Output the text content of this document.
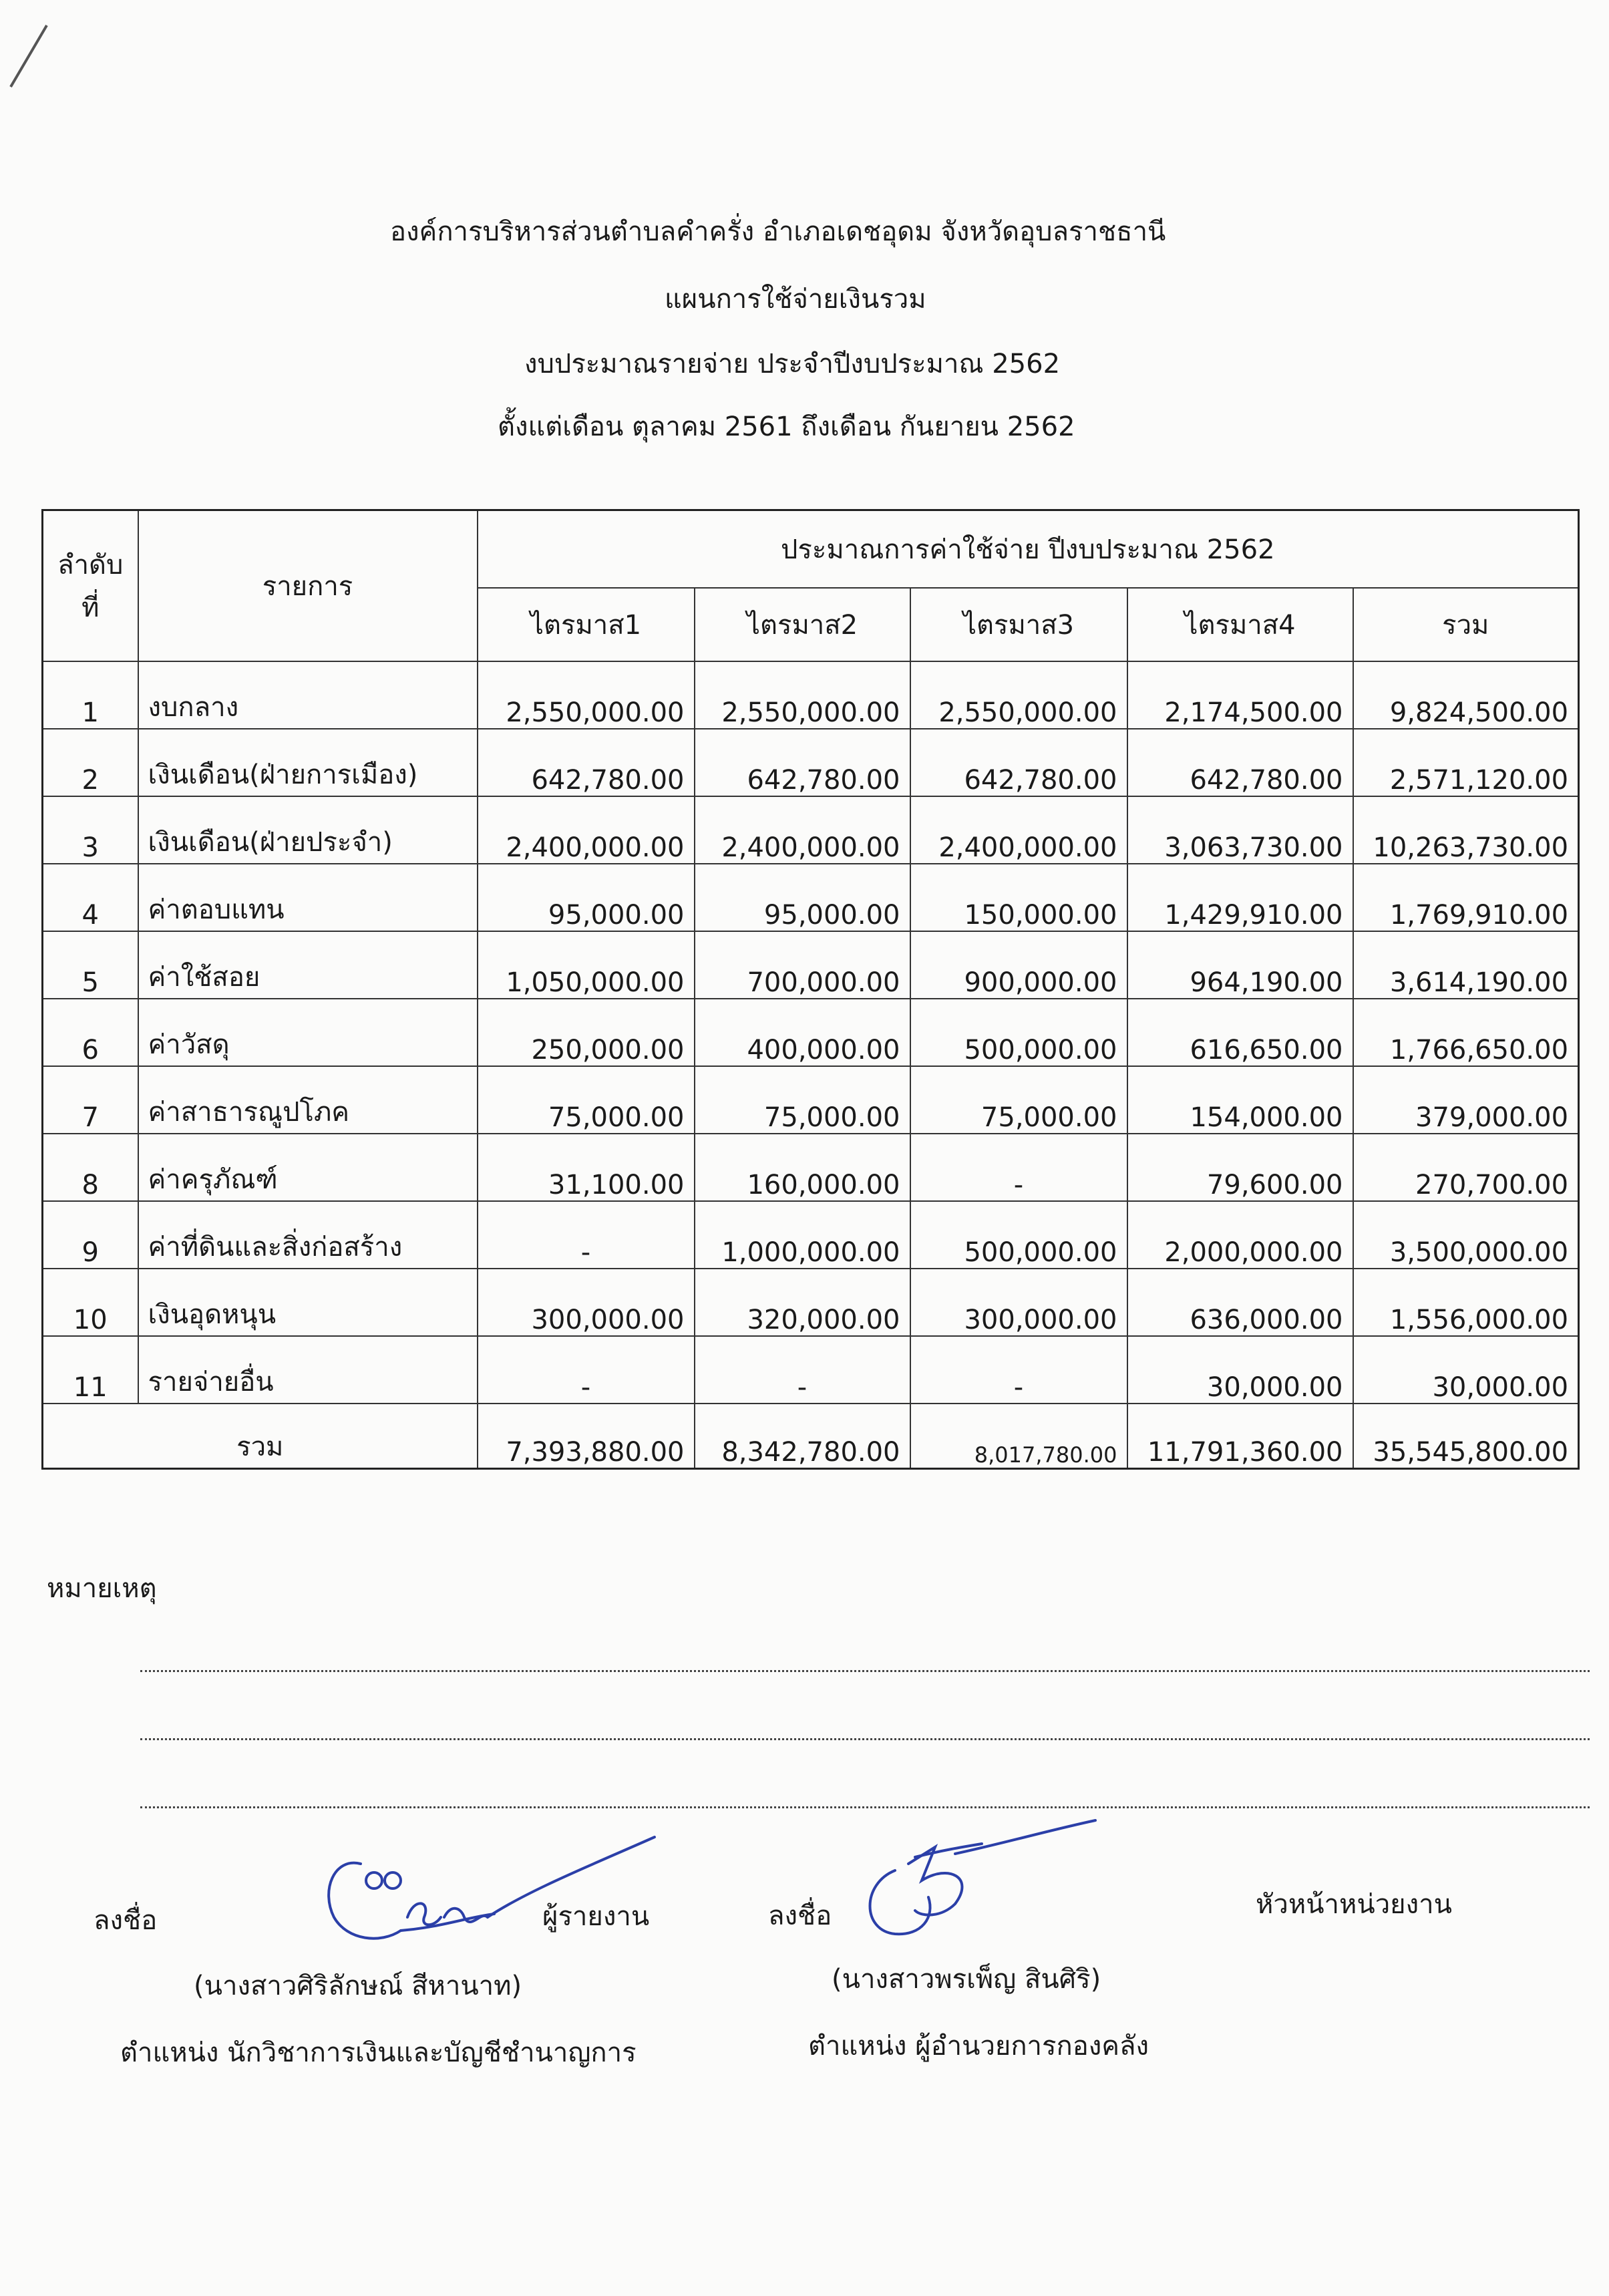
องค์การบริหารส่วนตำบลคำครั่ง อำเภอเดชอุดม จังหวัดอุบลราชธานี
แผนการใช้จ่ายเงินรวม
งบประมาณรายจ่าย ประจำปีงบประมาณ 2562
ตั้งแต่เดือน ตุลาคม 2561 ถึงเดือน กันยายน 2562
ลำดับที่	รายการ	ประมาณการค่าใช้จ่าย ปีงบประมาณ 2562				
		ไตรมาส1	ไตรมาส2	ไตรมาส3	ไตรมาส4	รวม
1	งบกลาง	2,550,000.00	2,550,000.00	2,550,000.00	2,174,500.00	9,824,500.00
2	เงินเดือน(ฝ่ายการเมือง)	642,780.00	642,780.00	642,780.00	642,780.00	2,571,120.00
3	เงินเดือน(ฝ่ายประจำ)	2,400,000.00	2,400,000.00	2,400,000.00	3,063,730.00	10,263,730.00
4	ค่าตอบแทน	95,000.00	95,000.00	150,000.00	1,429,910.00	1,769,910.00
5	ค่าใช้สอย	1,050,000.00	700,000.00	900,000.00	964,190.00	3,614,190.00
6	ค่าวัสดุ	250,000.00	400,000.00	500,000.00	616,650.00	1,766,650.00
7	ค่าสาธารณูปโภค	75,000.00	75,000.00	75,000.00	154,000.00	379,000.00
8	ค่าครุภัณฑ์	31,100.00	160,000.00	-	79,600.00	270,700.00
9	ค่าที่ดินและสิ่งก่อสร้าง	-	1,000,000.00	500,000.00	2,000,000.00	3,500,000.00
10	เงินอุดหนุน	300,000.00	320,000.00	300,000.00	636,000.00	1,556,000.00
11	รายจ่ายอื่น	-	-	-	30,000.00	30,000.00
รวม		7,393,880.00	8,342,780.00	8,017,780.00	11,791,360.00	35,545,800.00
หมายเหตุ
ลงชื่อ	ผู้รายงาน
(นางสาวศิริลักษณ์ สีหานาท)
ตำแหน่ง นักวิชาการเงินและบัญชีชำนาญการ
ลงชื่อ	หัวหน้าหน่วยงาน
(นางสาวพรเพ็ญ สินศิริ)
ตำแหน่ง ผู้อำนวยการกองคลัง
